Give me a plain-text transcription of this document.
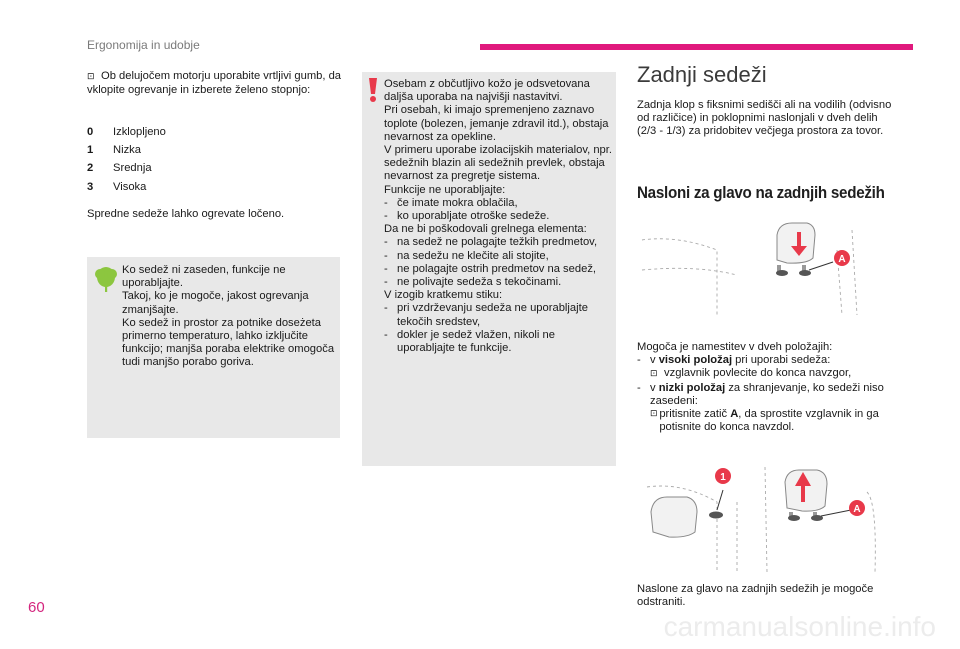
Ergonomija in udobje
⊡ Ob delujočem motorju uporabite vrtljivi gumb, da vklopite ogrevanje in izberete želeno stopnjo:
0	Izklopljeno
1	Nizka
2	Srednja
3	Visoka
Spredne sedeže lahko ogrevate ločeno.
Ko sedež ni zaseden, funkcije ne uporabljajte.
Takoj, ko je mogoče, jakost ogrevanja zmanjšajte.
Ko sedež in prostor za potnike doseżeta primerno temperaturo, lahko izključite funkcijo; manjša poraba elektrike omogoča tudi manjšo porabo goriva.
Osebam z občutljivo kožo je odsvetovana daljša uporaba na najvišji nastavitvi.
Pri osebah, ki imajo spremenjeno zaznavo toplote (bolezen, jemanje zdravil itd.), obstaja nevarnost za opekline.
V primeru uporabe izolacijskih materialov, npr. sedežnih blazin ali sedežnih prevlek, obstaja nevarnost za pregretje sistema.
Funkcije ne uporabljajte:
- če imate mokra oblačila,
- ko uporabljate otroške sedeže.
Da ne bi poškodovali grelnega elementa:
- na sedež ne polagajte težkih predmetov,
- na sedežu ne klečite ali stojite,
- ne polagajte ostrih predmetov na sedež,
- ne polivajte sedeža s tekočinami.
V izogib kratkemu stiku:
- pri vzdrževanju sedeža ne uporabljajte tekočih sredstev,
- dokler je sedež vlažen, nikoli ne uporabljajte te funkcije.
Zadnji sedeži
Zadnja klop s fiksnimi sedišči ali na vodilih (odvisno od različice) in poklopnimi naslonjali v dveh delih (2/3 - 1/3) za pridobitev večjega prostora za tovor.
Nasloni za glavo na zadnjih sedežih
A
Mogoča je namestitev v dveh položajih:
- v visoki položaj pri uporabi sedeža:
⊡ vzglavnik povlecite do konca navzgor,
- v nizki položaj za shranjevanje, ko sedeži niso zasedeni:
⊡ pritisnite zatič A, da sprostite vzglavnik in ga potisnite do konca navzdol.
1
A
Naslone za glavo na zadnjih sedežih je mogoče odstraniti.
60
carmanualsonline.info
